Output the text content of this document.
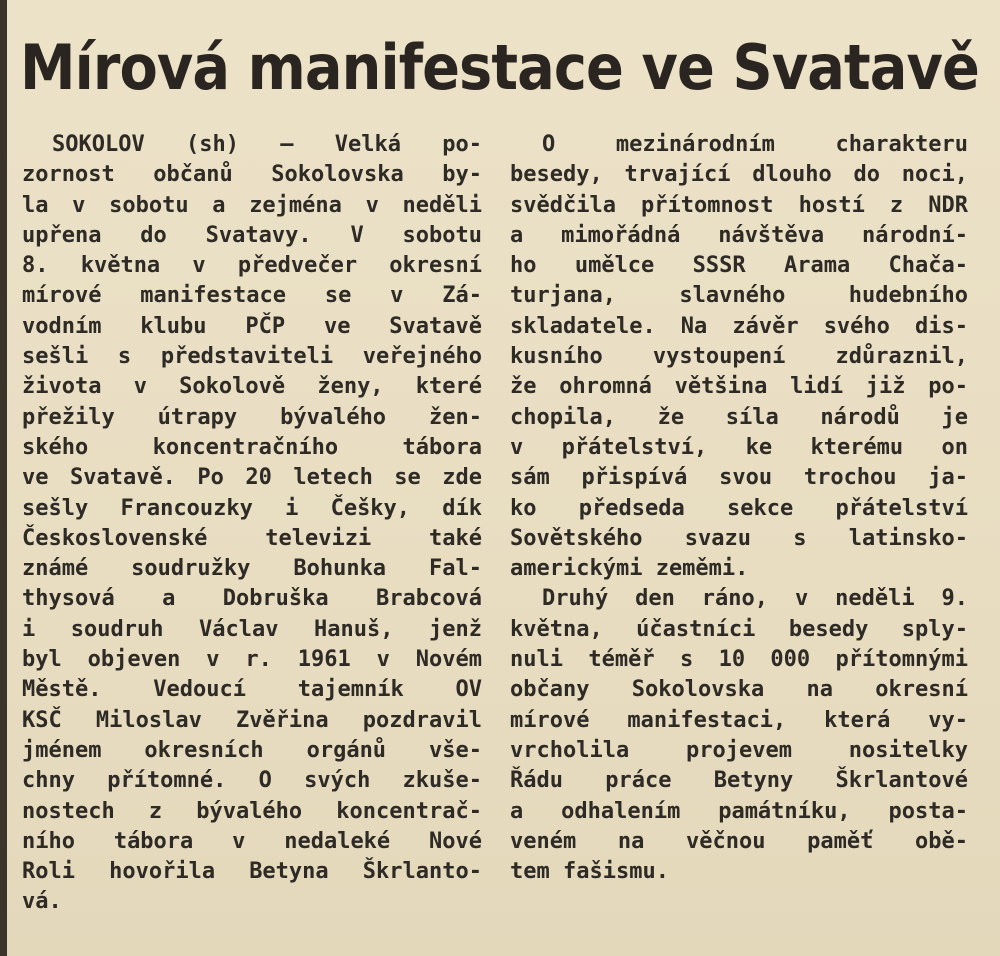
Mírová manifestace ve Svatavě
SOKOLOV (sh) — Velká po-
zornost občanů Sokolovska by-
la v sobotu a zejména v neděli
upřena do Svatavy. V sobotu
8. května v předvečer okresní
mírové manifestace se v Zá-
vodním klubu PČP ve Svatavě
sešli s představiteli veřejného
života v Sokolově ženy, které
přežily útrapy bývalého žen-
ského koncentračního tábora
ve Svatavě. Po 20 letech se zde
sešly Francouzky i Češky, dík
Československé televizi také
známé soudružky Bohunka Fal-
thysová a Dobruška Brabcová
i soudruh Václav Hanuš, jenž
byl objeven v r. 1961 v Novém
Městě. Vedoucí tajemník OV
KSČ Miloslav Zvěřina pozdravil
jménem okresních orgánů vše-
chny přítomné. O svých zkuše-
nostech z bývalého koncentrač-
ního tábora v nedaleké Nové
Roli hovořila Betyna Škrlanto-
vá.
O mezinárodním charakteru
besedy, trvající dlouho do noci,
svědčila přítomnost hostí z NDR
a mimořádná návštěva národní-
ho umělce SSSR Arama Chača-
turjana, slavného hudebního
skladatele. Na závěr svého dis-
kusního vystoupení zdůraznil,
že ohromná většina lidí již po-
chopila, že síla národů je
v přátelství, ke kterému on
sám přispívá svou trochou ja-
ko předseda sekce přátelství
Sovětského svazu s latinsko-
americkými zeměmi.
Druhý den ráno, v neděli 9.
května, účastníci besedy sply-
nuli téměř s 10 000 přítomnými
občany Sokolovska na okresní
mírové manifestaci, která vy-
vrcholila projevem nositelky
Řádu práce Betyny Škrlantové
a odhalením památníku, posta-
veném na věčnou paměť obě-
tem fašismu.
